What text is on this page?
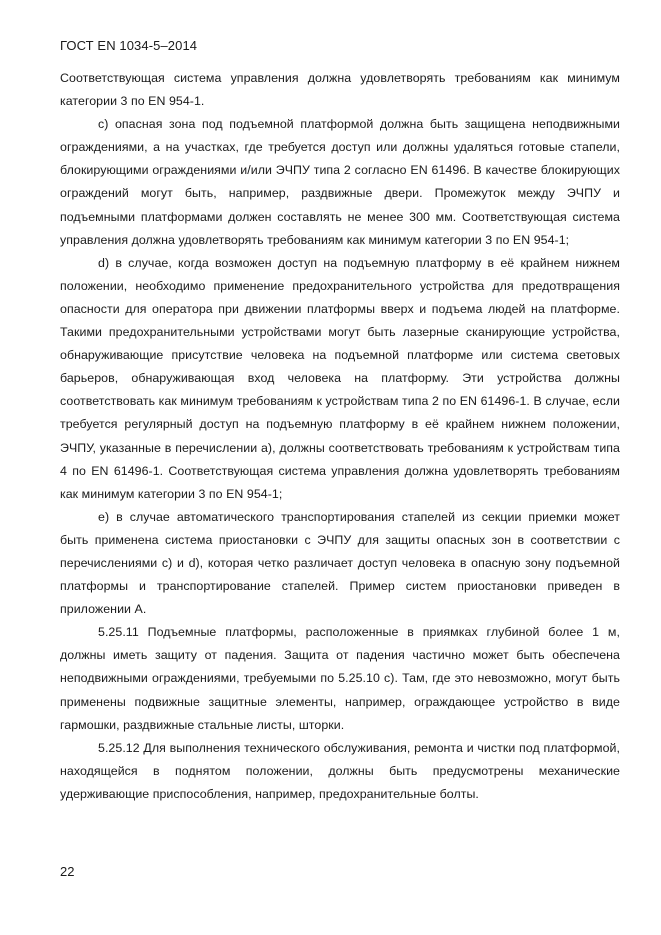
ГОСТ EN 1034-5–2014

Соответствующая система управления должна удовлетворять требованиям как минимум категории 3 по EN 954-1.

c) опасная зона под подъемной платформой должна быть защищена неподвижными ограждениями, а на участках, где требуется доступ или должны удаляться готовые стапели, блокирующими ограждениями и/или ЭЧПУ типа 2 согласно EN 61496. В качестве блокирующих ограждений могут быть, например, раздвижные двери. Промежуток между ЭЧПУ и подъемными платформами должен составлять не менее 300 мм. Соответствующая система управления должна удовлетворять требованиям как минимум категории 3 по EN 954-1;

d) в случае, когда возможен доступ на подъемную платформу в её крайнем нижнем положении, необходимо применение предохранительного устройства для предотвращения опасности для оператора при движении платформы вверх и подъема людей на платформе. Такими предохранительными устройствами могут быть лазерные сканирующие устройства, обнаруживающие присутствие человека на подъемной платформе или система световых барьеров, обнаруживающая вход человека на платформу. Эти устройства должны соответствовать как минимум требованиям к устройствам типа 2 по EN 61496-1. В случае, если требуется регулярный доступ на подъемную платформу в её крайнем нижнем положении, ЭЧПУ, указанные в перечислении а), должны соответствовать требованиям к устройствам типа 4 по EN 61496-1. Соответствующая система управления должна удовлетворять требованиям как минимум категории 3 по EN 954-1;

e) в случае автоматического транспортирования стапелей из секции приемки может быть применена система приостановки с ЭЧПУ для защиты опасных зон в соответствии с перечислениями c) и d), которая четко различает доступ человека в опасную зону подъемной платформы и транспортирование стапелей. Пример систем приостановки приведен в приложении А.

5.25.11 Подъемные платформы, расположенные в приямках глубиной более 1 м, должны иметь защиту от падения. Защита от падения частично может быть обеспечена неподвижными ограждениями, требуемыми по 5.25.10 с). Там, где это невозможно, могут быть применены подвижные защитные элементы, например, ограждающее устройство в виде гармошки, раздвижные стальные листы, шторки.

5.25.12 Для выполнения технического обслуживания, ремонта и чистки под платформой, находящейся в поднятом положении, должны быть предусмотрены механические удерживающие приспособления, например, предохранительные болты.

22
